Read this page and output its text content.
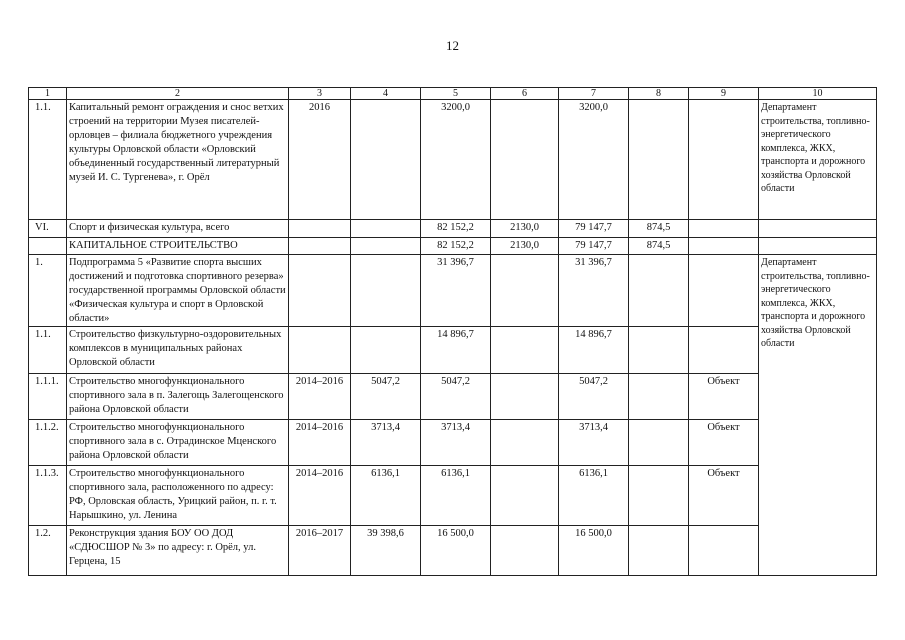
12
1	2	3	4	5	6	7	8	9	10
1.1.	Капитальный ремонт ограждения и снос ветхих строений на территории Музея писателей-орловцев – филиала бюджетного учреждения культуры Орловской области «Орловский объединенный государственный литературный музей И. С. Тургенева», г. Орёл	2016		3200,0		3200,0			Департамент строительства, топливно-энергетического комплекса, ЖКХ, транспорта и дорожного хозяйства Орловской области
VI.	Спорт и физическая культура, всего			82 152,2	2130,0	79 147,7	874,5		
	КАПИТАЛЬНОЕ СТРОИТЕЛЬСТВО			82 152,2	2130,0	79 147,7	874,5		
1.	Подпрограмма 5 «Развитие спорта высших достижений и подготовка спортивного резерва» государственной программы Орловской области «Физическая культура и спорт в Орловской области»			31 396,7		31 396,7			Департамент строительства, топливно-энергетического комплекса, ЖКХ, транспорта и дорожного хозяйства Орловской области
1.1.	Строительство физкультурно-оздоровительных комплексов в муниципальных районах Орловской области			14 896,7		14 896,7			
1.1.1.	Строительство многофункционального спортивного зала в п. Залегощь Залегощенского района Орловской области	2014–2016	5047,2	5047,2		5047,2		Объект	
1.1.2.	Строительство многофункционального спортивного зала в с. Отрадинское Мценского района Орловской области	2014–2016	3713,4	3713,4		3713,4		Объект	
1.1.3.	Строительство многофункционального спортивного зала, расположенного по адресу: РФ, Орловская область, Урицкий район, п. г. т. Нарышкино, ул. Ленина	2014–2016	6136,1	6136,1		6136,1		Объект	
1.2.	Реконструкция здания БОУ ОО ДОД «СДЮСШОР № 3» по адресу: г. Орёл, ул. Герцена, 15	2016–2017	39 398,6	16 500,0		16 500,0			
